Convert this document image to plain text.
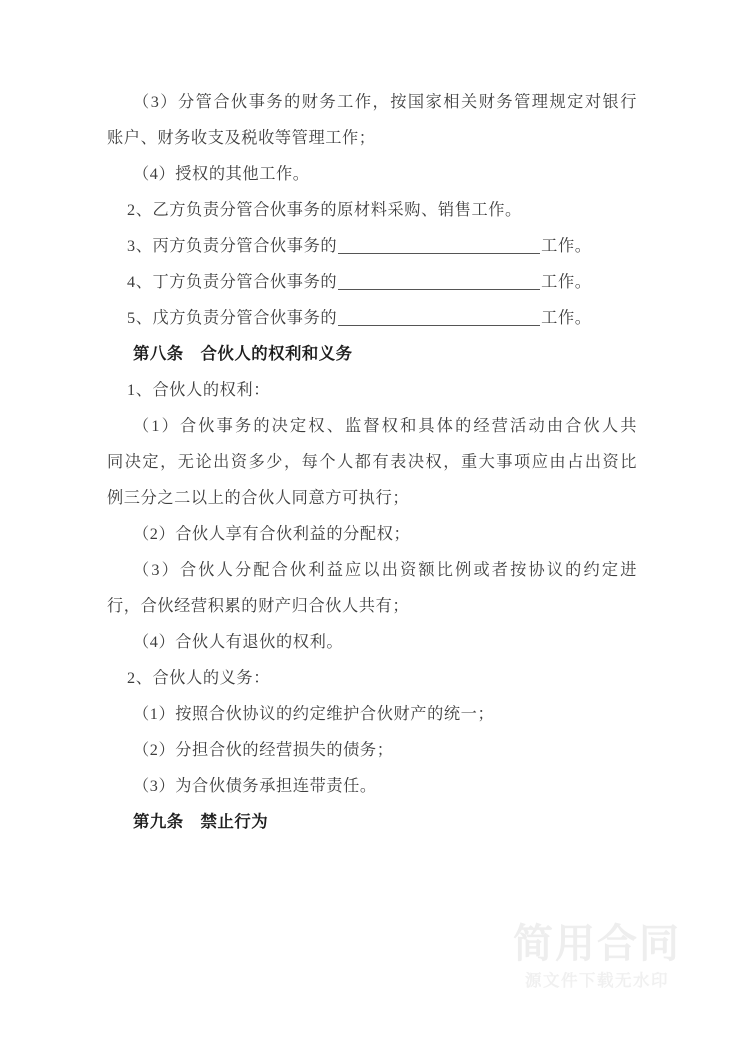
（3）分管合伙事务的财务工作，按国家相关财务管理规定对银行
账户、财务收支及税收等管理工作；
（4）授权的其他工作。
2、乙方负责分管合伙事务的原材料采购、销售工作。
3、丙方负责分管合伙事务的	工作。
4、丁方负责分管合伙事务的	工作。
5、戊方负责分管合伙事务的	工作。
第八条　合伙人的权利和义务
1、合伙人的权利：
（1）合伙事务的决定权、监督权和具体的经营活动由合伙人共
同决定，无论出资多少，每个人都有表决权，重大事项应由占出资比
例三分之二以上的合伙人同意方可执行；
（2）合伙人享有合伙利益的分配权；
（3）合伙人分配合伙利益应以出资额比例或者按协议的约定进
行，合伙经营积累的财产归合伙人共有；
（4）合伙人有退伙的权利。
2、合伙人的义务：
（1）按照合伙协议的约定维护合伙财产的统一；
（2）分担合伙的经营损失的债务；
（3）为合伙债务承担连带责任。
第九条　禁止行为
简用合同
源文件下载无水印
